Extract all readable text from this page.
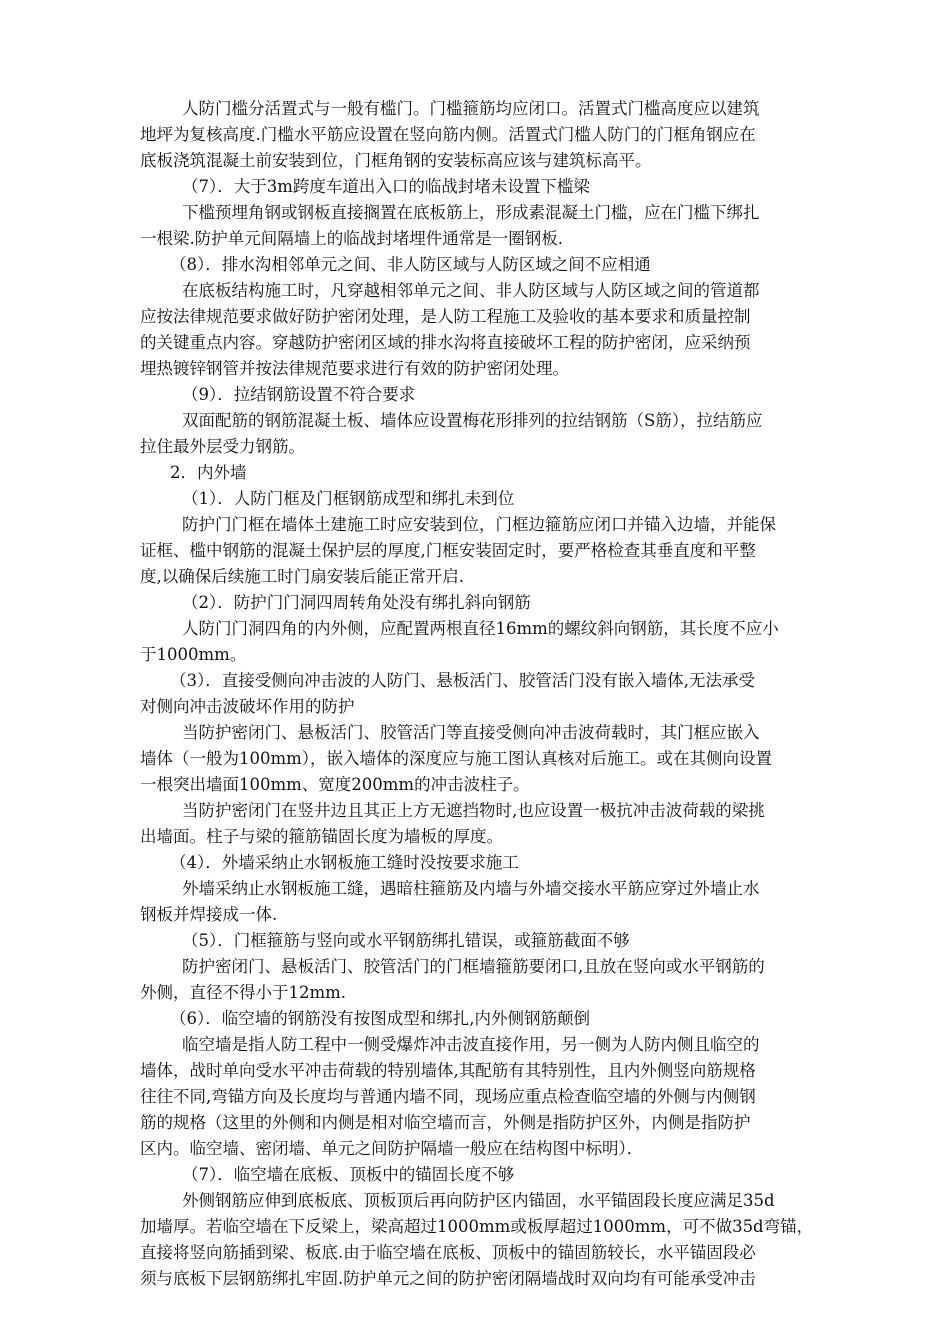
人防门槛分活置式与一般有槛门。门槛箍筋均应闭口。活置式门槛高度应以建筑
地坪为复核高度.门槛水平筋应设置在竖向筋内侧。活置式门槛人防门的门框角钢应在
底板浇筑混凝土前安装到位，门框角钢的安装标高应该与建筑标高平。
（7）．大于3m跨度车道出入口的临战封堵未设置下槛梁
下槛预埋角钢或钢板直接搁置在底板筋上，形成素混凝土门槛，应在门槛下绑扎
一根梁.防护单元间隔墙上的临战封堵埋件通常是一圈钢板.
（8）．排水沟相邻单元之间、非人防区域与人防区域之间不应相通
在底板结构施工时，凡穿越相邻单元之间、非人防区域与人防区域之间的管道都
应按法律规范要求做好防护密闭处理，是人防工程施工及验收的基本要求和质量控制
的关键重点内容。穿越防护密闭区域的排水沟将直接破坏工程的防护密闭，应采纳预
埋热镀锌钢管并按法律规范要求进行有效的防护密闭处理。
（9）．拉结钢筋设置不符合要求
双面配筋的钢筋混凝土板、墙体应设置梅花形排列的拉结钢筋（S筋），拉结筋应
拉住最外层受力钢筋。
2．内外墙
（1）．人防门框及门框钢筋成型和绑扎未到位
防护门门框在墙体土建施工时应安装到位，门框边箍筋应闭口并锚入边墙，并能保
证框、槛中钢筋的混凝土保护层的厚度,门框安装固定时，要严格检查其垂直度和平整
度,以确保后续施工时门扇安装后能正常开启.
（2）．防护门门洞四周转角处没有绑扎斜向钢筋
人防门门洞四角的内外侧，应配置两根直径16mm的螺纹斜向钢筋，其长度不应小
于1000mm。
（3）．直接受侧向冲击波的人防门、悬板活门、胶管活门没有嵌入墙体,无法承受
对侧向冲击波破坏作用的防护
当防护密闭门、悬板活门、胶管活门等直接受侧向冲击波荷载时，其门框应嵌入
墙体（一般为100mm），嵌入墙体的深度应与施工图认真核对后施工。或在其侧向设置
一根突出墙面100mm、宽度200mm的冲击波柱子。
当防护密闭门在竖井边且其正上方无遮挡物时,也应设置一极抗冲击波荷载的梁挑
出墙面。柱子与梁的箍筋锚固长度为墙板的厚度。
（4）．外墙采纳止水钢板施工缝时没按要求施工
外墙采纳止水钢板施工缝，遇暗柱箍筋及内墙与外墙交接水平筋应穿过外墙止水
钢板并焊接成一体.
（5）．门框箍筋与竖向或水平钢筋绑扎错误，或箍筋截面不够
防护密闭门、悬板活门、胶管活门的门框墙箍筋要闭口,且放在竖向或水平钢筋的
外侧，直径不得小于12mm.
（6）．临空墙的钢筋没有按图成型和绑扎,内外侧钢筋颠倒
临空墙是指人防工程中一侧受爆炸冲击波直接作用，另一侧为人防内侧且临空的
墙体，战时单向受水平冲击荷载的特别墙体,其配筋有其特别性，且内外侧竖向筋规格
往往不同,弯锚方向及长度均与普通内墙不同，现场应重点检查临空墙的外侧与内侧钢
筋的规格（这里的外侧和内侧是相对临空墙而言，外侧是指防护区外，内侧是指防护
区内。临空墙、密闭墙、单元之间防护隔墙一般应在结构图中标明）．
（7）．临空墙在底板、顶板中的锚固长度不够
外侧钢筋应伸到底板底、顶板顶后再向防护区内锚固，水平锚固段长度应满足35d
加墙厚。若临空墙在下反梁上，梁高超过1000mm或板厚超过1000mm，可不做35d弯锚，
直接将竖向筋插到梁、板底.由于临空墙在底板、顶板中的锚固筋较长，水平锚固段必
须与底板下层钢筋绑扎牢固.防护单元之间的防护密闭隔墙战时双向均有可能承受冲击
